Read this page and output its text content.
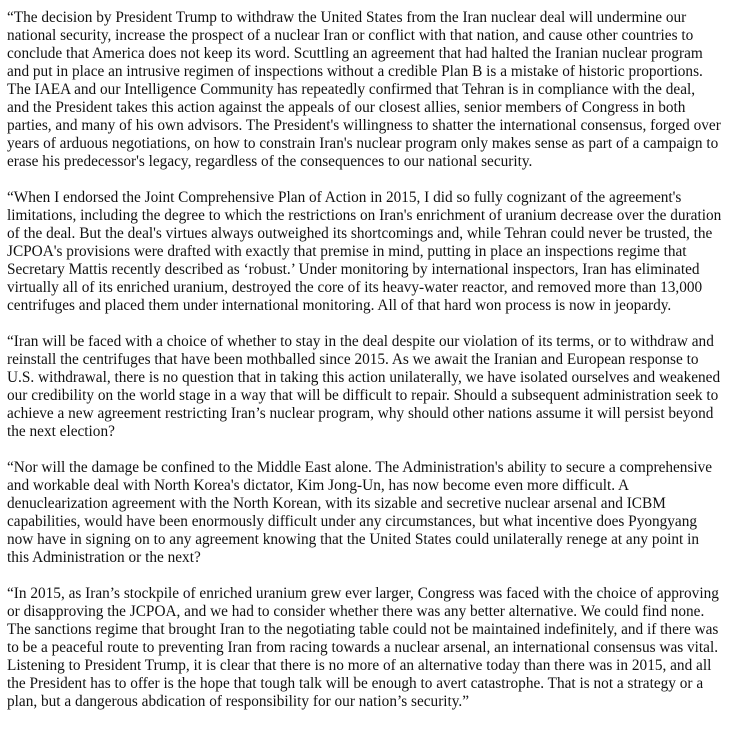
“The decision by President Trump to withdraw the United States from the Iran nuclear deal will undermine our
national security, increase the prospect of a nuclear Iran or conflict with that nation, and cause other countries to
conclude that America does not keep its word. Scuttling an agreement that had halted the Iranian nuclear program
and put in place an intrusive regimen of inspections without a credible Plan B is a mistake of historic proportions.
The IAEA and our Intelligence Community has repeatedly confirmed that Tehran is in compliance with the deal,
and the President takes this action against the appeals of our closest allies, senior members of Congress in both
parties, and many of his own advisors. The President's willingness to shatter the international consensus, forged over
years of arduous negotiations, on how to constrain Iran's nuclear program only makes sense as part of a campaign to
erase his predecessor's legacy, regardless of the consequences to our national security.

“When I endorsed the Joint Comprehensive Plan of Action in 2015, I did so fully cognizant of the agreement's
limitations, including the degree to which the restrictions on Iran's enrichment of uranium decrease over the duration
of the deal. But the deal's virtues always outweighed its shortcomings and, while Tehran could never be trusted, the
JCPOA's provisions were drafted with exactly that premise in mind, putting in place an inspections regime that
Secretary Mattis recently described as ‘robust.’ Under monitoring by international inspectors, Iran has eliminated
virtually all of its enriched uranium, destroyed the core of its heavy-water reactor, and removed more than 13,000
centrifuges and placed them under international monitoring. All of that hard won process is now in jeopardy.

“Iran will be faced with a choice of whether to stay in the deal despite our violation of its terms, or to withdraw and
reinstall the centrifuges that have been mothballed since 2015. As we await the Iranian and European response to
U.S. withdrawal, there is no question that in taking this action unilaterally, we have isolated ourselves and weakened
our credibility on the world stage in a way that will be difficult to repair. Should a subsequent administration seek to
achieve a new agreement restricting Iran’s nuclear program, why should other nations assume it will persist beyond
the next election?

“Nor will the damage be confined to the Middle East alone. The Administration's ability to secure a comprehensive
and workable deal with North Korea's dictator, Kim Jong-Un, has now become even more difficult. A
denuclearization agreement with the North Korean, with its sizable and secretive nuclear arsenal and ICBM
capabilities, would have been enormously difficult under any circumstances, but what incentive does Pyongyang
now have in signing on to any agreement knowing that the United States could unilaterally renege at any point in
this Administration or the next?

“In 2015, as Iran’s stockpile of enriched uranium grew ever larger, Congress was faced with the choice of approving
or disapproving the JCPOA, and we had to consider whether there was any better alternative. We could find none.
The sanctions regime that brought Iran to the negotiating table could not be maintained indefinitely, and if there was
to be a peaceful route to preventing Iran from racing towards a nuclear arsenal, an international consensus was vital.
Listening to President Trump, it is clear that there is no more of an alternative today than there was in 2015, and all
the President has to offer is the hope that tough talk will be enough to avert catastrophe. That is not a strategy or a
plan, but a dangerous abdication of responsibility for our nation’s security.”
